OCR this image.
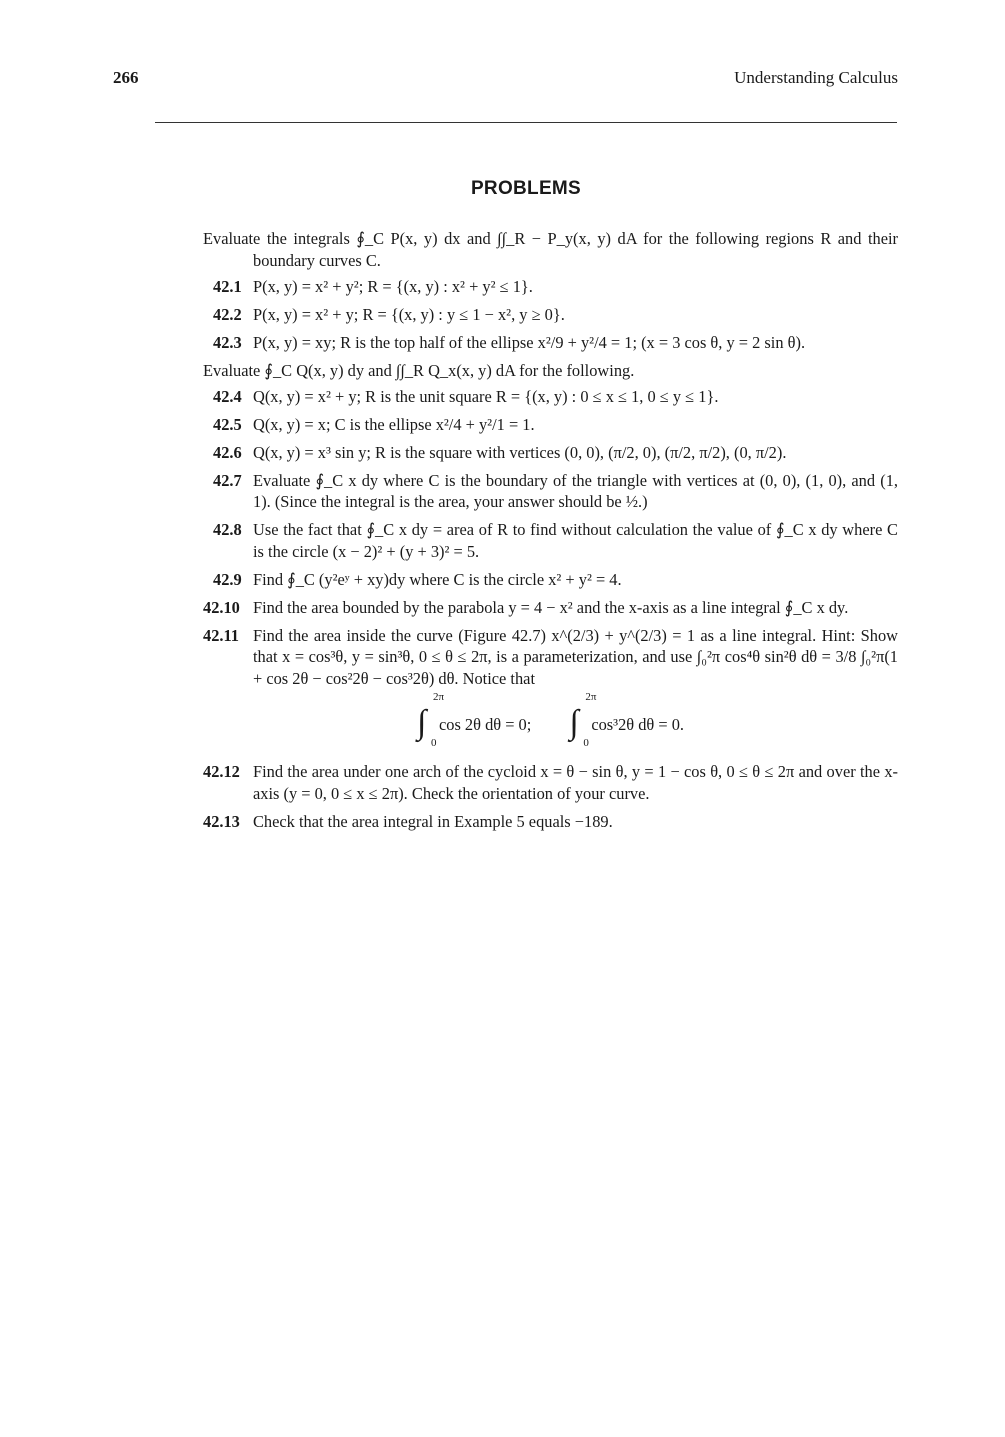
266	Understanding Calculus
PROBLEMS

Evaluate the integrals ∮_C P(x, y) dx and ∫∫_R − P_y(x, y) dA for the following regions R and their boundary curves C.

42.1 P(x, y) = x² + y²; R = {(x, y) : x² + y² ≤ 1}.
42.2 P(x, y) = x² + y; R = {(x, y) : y ≤ 1 − x², y ≥ 0}.
42.3 P(x, y) = xy; R is the top half of the ellipse x²/9 + y²/4 = 1; (x = 3 cos θ, y = 2 sin θ).

Evaluate ∮_C Q(x, y) dy and ∫∫_R Q_x(x, y) dA for the following.

42.4 Q(x, y) = x² + y; R is the unit square R = {(x, y) : 0 ≤ x ≤ 1, 0 ≤ y ≤ 1}.
42.5 Q(x, y) = x; C is the ellipse x²/4 + y²/1 = 1.
42.6 Q(x, y) = x³ sin y; R is the square with vertices (0, 0), (π/2, 0), (π/2, π/2), (0, π/2).
42.7 Evaluate ∮_C x dy where C is the boundary of the triangle with vertices at (0, 0), (1, 0), and (1, 1). (Since the integral is the area, your answer should be ½.)
42.8 Use the fact that ∮_C x dy = area of R to find without calculation the value of ∮_C x dy where C is the circle (x − 2)² + (y + 3)² = 5.
42.9 Find ∮_C (y²eʸ + xy)dy where C is the circle x² + y² = 4.
42.10 Find the area bounded by the parabola y = 4 − x² and the x-axis as a line integral ∮_C x dy.
42.11 Find the area inside the curve (Figure 42.7) x^(2/3) + y^(2/3) = 1 as a line integral. Hint: Show that x = cos³θ, y = sin³θ, 0 ≤ θ ≤ 2π, is a parameterization, and use ∫₀²π cos⁴θ sin²θ dθ = 3/8 ∫₀²π(1 + cos 2θ − cos²2θ − cos³2θ) dθ. Notice that
∫
2π
0
cos 2θ dθ = 0; ∫
2π
0
cos³2θ dθ = 0.
42.12 Find the area under one arch of the cycloid x = θ − sin θ, y = 1 − cos θ, 0 ≤ θ ≤ 2π and over the x-axis (y = 0, 0 ≤ x ≤ 2π). Check the orientation of your curve.
42.13 Check that the area integral in Example 5 equals −189.
